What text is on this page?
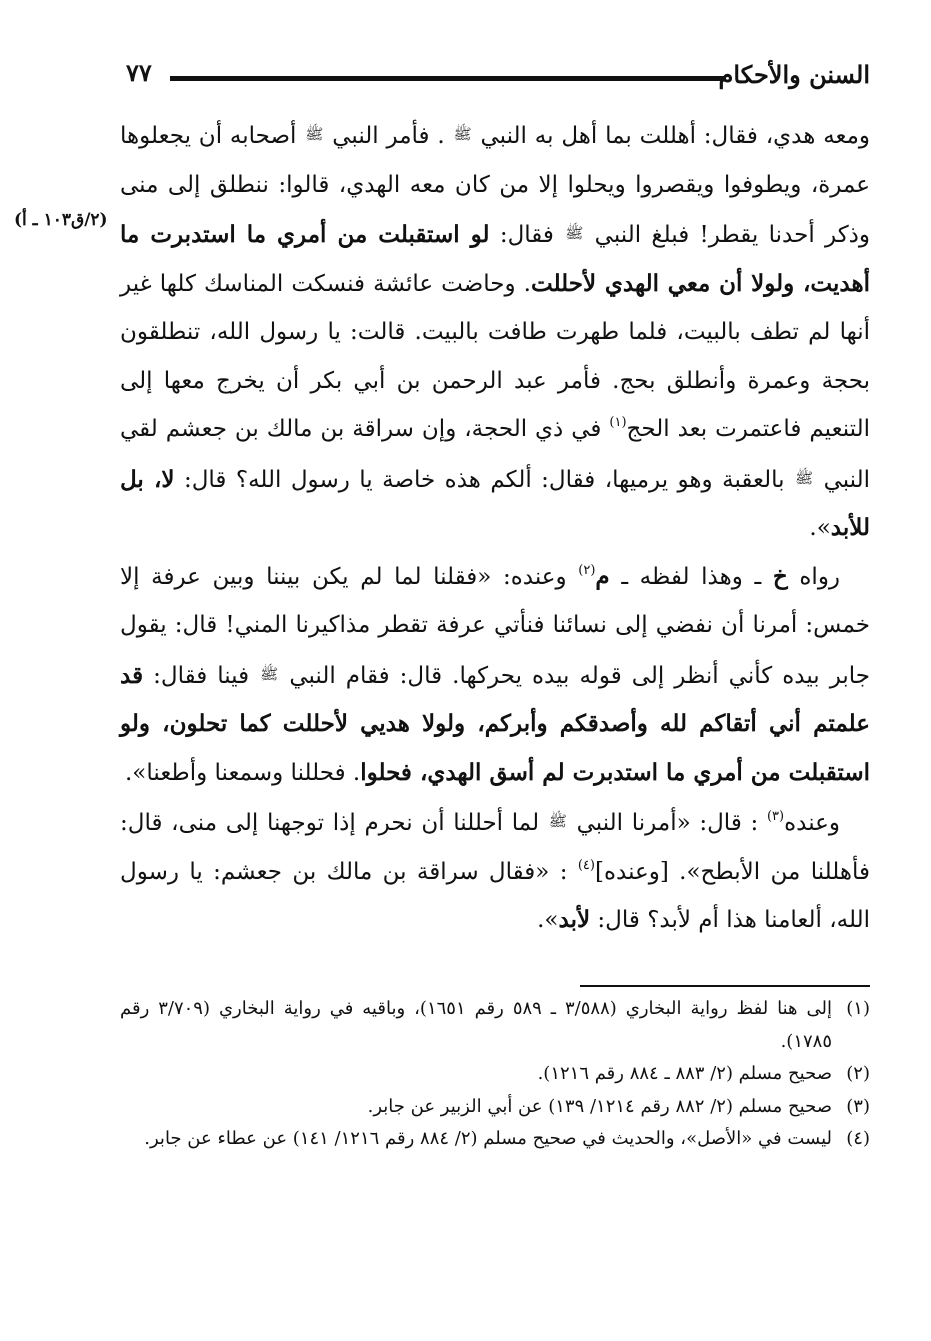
السنن والأحكام
٧٧
(٢/ق١٠٣ ـ أ)

ومعه هدي، فقال: أهللت بما أهل به النبي ﷺ . فأمر النبي ﷺ أصحابه أن يجعلوها عمرة، ويطوفوا ويقصروا ويحلوا إلا من كان معه الهدي، قالوا: ننطلق إلى منى وذكر أحدنا يقطر! فبلغ النبي ﷺ فقال: لو استقبلت من أمري ما استدبرت ما أهديت، ولولا أن معي الهدي لأحللت. وحاضت عائشة فنسكت المناسك كلها غير أنها لم تطف بالبيت، فلما طهرت طافت بالبيت. قالت: يا رسول الله، تنطلقون بحجة وعمرة وأنطلق بحج. فأمر عبد الرحمن بن أبي بكر أن يخرج معها إلى التنعيم فاعتمرت بعد الحج$^{(١)}$ في ذي الحجة، وإن سراقة بن مالك بن جعشم لقي النبي ﷺ بالعقبة وهو يرميها، فقال: ألكم هذه خاصة يا رسول الله؟ قال: لا، بل للأبد».

رواه خ ـ وهذا لفظه ـ م$^{(٢)}$ وعنده: «فقلنا لما لم يكن بيننا وبين عرفة إلا خمس: أمرنا أن نفضي إلى نسائنا فنأتي عرفة تقطر مذاكيرنا المني! قال: يقول جابر بيده كأني أنظر إلى قوله بيده يحركها. قال: فقام النبي ﷺ فينا فقال: قد علمتم أني أتقاكم لله وأصدقكم وأبركم، ولولا هديي لأحللت كما تحلون، ولو استقبلت من أمري ما استدبرت لم أسق الهدي، فحلوا. فحللنا وسمعنا وأطعنا».

وعنده$^{(٣)}$ : قال: «أمرنا النبي ﷺ لما أحللنا أن نحرم إذا توجهنا إلى منى، قال: فأهللنا من الأبطح». [وعنده]$^{(٤)}$ : «فقال سراقة بن مالك بن جعشم: يا رسول الله، ألعامنا هذا أم لأبد؟ قال: لأبد».

(١)إلى هنا لفظ رواية البخاري (٣/٥٨٨ ـ ٥٨٩ رقم ١٦٥١)، وباقيه في رواية البخاري (٣/٧٠٩ رقم ١٧٨٥).

(٢)صحيح مسلم (٢/ ٨٨٣ ـ ٨٨٤ رقم ١٢١٦).

(٣)صحيح مسلم (٢/ ٨٨٢ رقم ١٢١٤/ ١٣٩) عن أبي الزبير عن جابر.

(٤)ليست في «الأصل»، والحديث في صحيح مسلم (٢/ ٨٨٤ رقم ١٢١٦/ ١٤١) عن عطاء عن جابر.
